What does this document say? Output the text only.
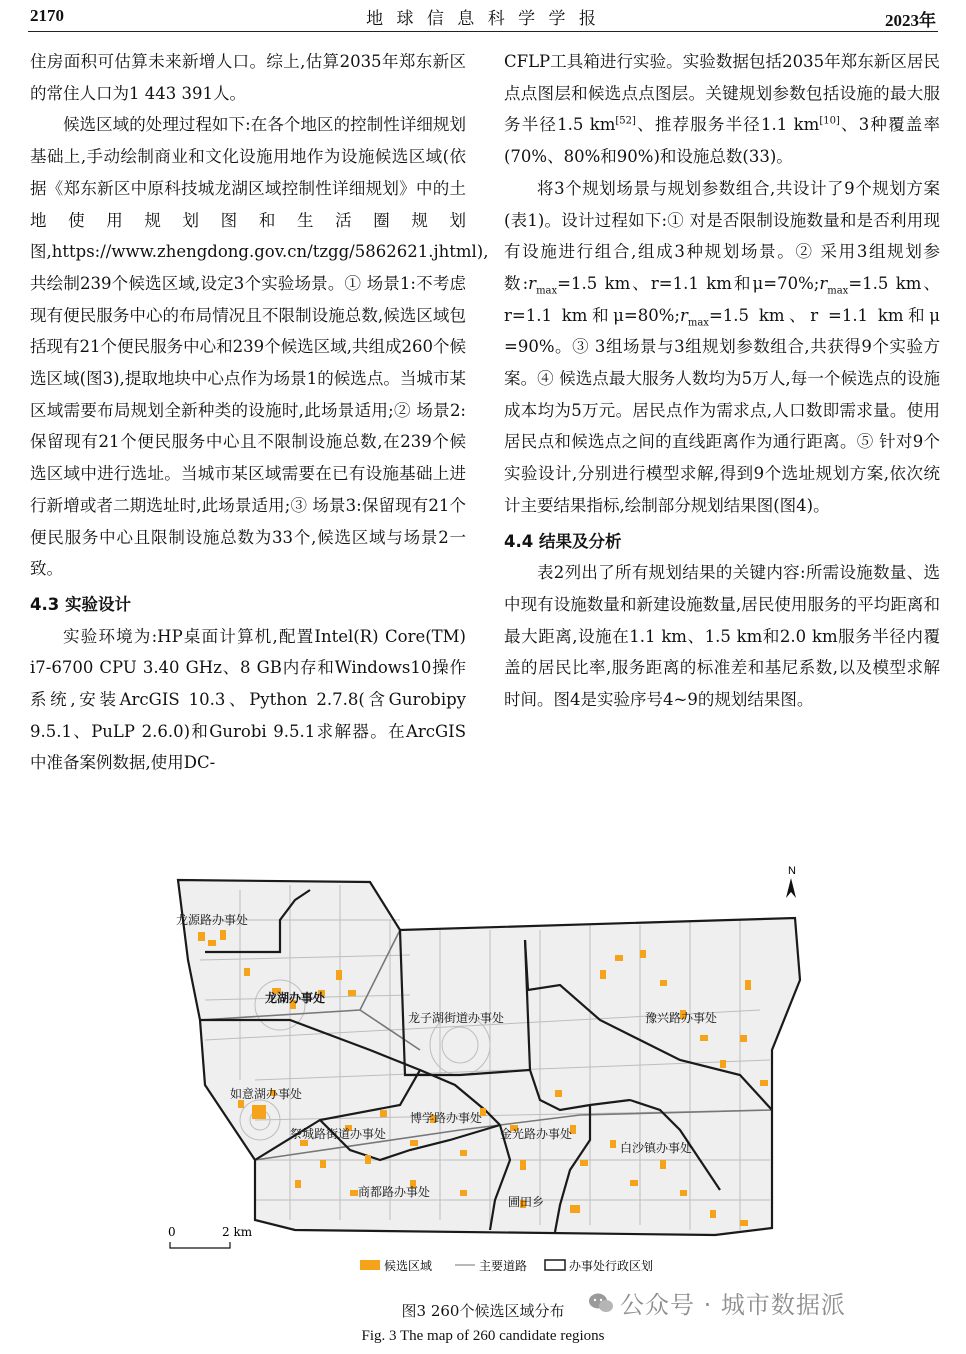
2170	地 球 信 息 科 学 学 报	2023年

住房面积可估算未来新增人口。综上,估算2035年郑东新区的常住人口为1 443 391人。

候选区域的处理过程如下:在各个地区的控制性详细规划基础上,手动绘制商业和文化设施用地作为设施候选区域(依据《郑东新区中原科技城龙湖区域控制性详细规划》中的土地使用规划图和生活圈规划图,https://www.zhengdong.gov.cn/tzgg/5862621.jhtml),共绘制239个候选区域,设定3个实验场景。① 场景1:不考虑现有便民服务中心的布局情况且不限制设施总数,候选区域包括现有21个便民服务中心和239个候选区域,共组成260个候选区域(图3),提取地块中心点作为场景1的候选点。当城市某区域需要布局规划全新种类的设施时,此场景适用;② 场景2:保留现有21个便民服务中心且不限制设施总数,在239个候选区域中进行选址。当城市某区域需要在已有设施基础上进行新增或者二期选址时,此场景适用;③ 场景3:保留现有21个便民服务中心且限制设施总数为33个,候选区域与场景2一致。

4.3 实验设计

实验环境为:HP桌面计算机,配置Intel(R) Core(TM) i7-6700 CPU 3.40 GHz、8 GB内存和Windows10操作系统,安装ArcGIS 10.3、Python 2.7.8(含Gurobipy 9.5.1、PuLP 2.6.0)和Gurobi 9.5.1求解器。在ArcGIS中准备案例数据,使用DC-

CFLP工具箱进行实验。实验数据包括2035年郑东新区居民点点图层和候选点点图层。关键规划参数包括设施的最大服务半径1.5 km[52]、推荐服务半径1.1 km[10]、3种覆盖率(70%、80%和90%)和设施总数(33)。

将3个规划场景与规划参数组合,共设计了9个规划方案(表1)。设计过程如下:① 对是否限制设施数量和是否利用现有设施进行组合,组成3种规划场景。② 采用3组规划参数$:r_{max}=1.5$ km、r=1.1 km和$\mu=70\%;r_{max}=1.5$ km、r=1.1 km和$\mu=80\%;r_{max}=1.5$ km、r =1.1 km和μ =90%。③ 3组场景与3组规划参数组合,共获得9个实验方案。④ 候选点最大服务人数均为5万人,每一个候选点的设施成本均为5万元。居民点作为需求点,人口数即需求量。使用居民点和候选点之间的直线距离作为通行距离。⑤ 针对9个实验设计,分别进行模型求解,得到9个选址规划方案,依次统计主要结果指标,绘制部分规划结果图(图4)。

4.4 结果及分析

表2列出了所有规划结果的关键内容:所需设施数量、选中现有设施数量和新建设施数量,居民使用服务的平均距离和最大距离,设施在1.1 km、1.5 km和2.0 km服务半径内覆盖的居民比率,服务距离的标准差和基尼系数,以及模型求解时间。图4是实验序号4~9的规划结果图。

N
龙源路办事处
龙湖办事处
龙子湖街道办事处	豫兴路办事处
如意湖办事处
祭城路街道办事处
博学路办事处
金光路办事处
白沙镇办事处
商都路办事处
圃田乡
0	2 km
候选区域	主要道路	办事处行政区划
图3 260个候选区域分布
Fig. 3 The map of 260 candidate regions
公众号 · 城市数据派
